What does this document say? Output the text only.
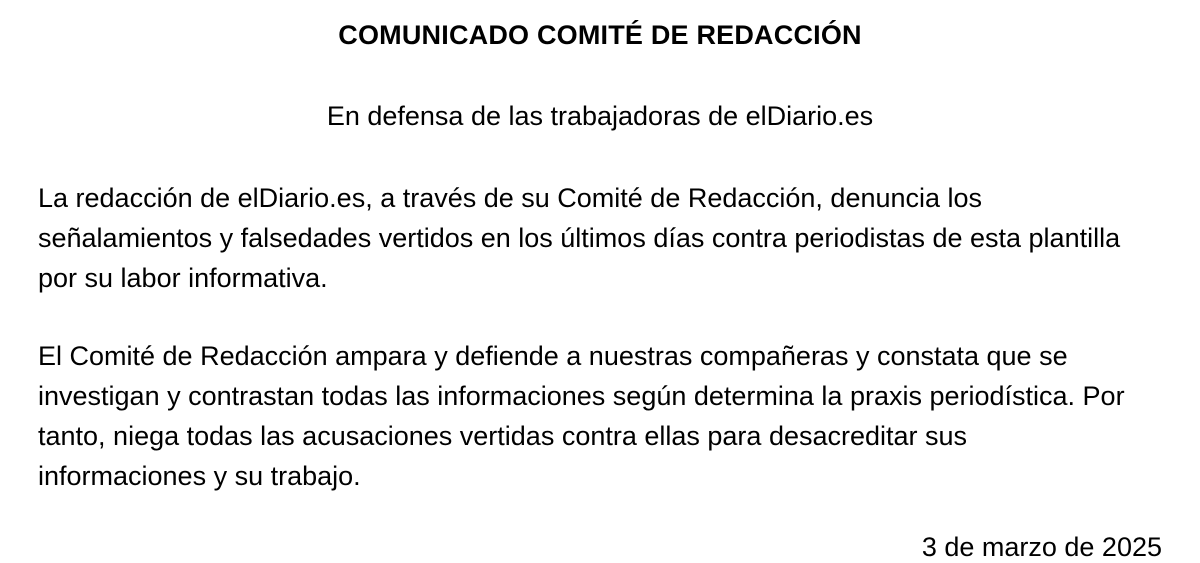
COMUNICADO COMITÉ DE REDACCIÓN
En defensa de las trabajadoras de elDiario.es

La redacción de elDiario.es, a través de su Comité de Redacción, denuncia los señalamientos y falsedades vertidos en los últimos días contra periodistas de esta plantilla por su labor informativa.

El Comité de Redacción ampara y defiende a nuestras compañeras y constata que se investigan y contrastan todas las informaciones según determina la praxis periodística. Por tanto, niega todas las acusaciones vertidas contra ellas para desacreditar sus informaciones y su trabajo.

3 de marzo de 2025
